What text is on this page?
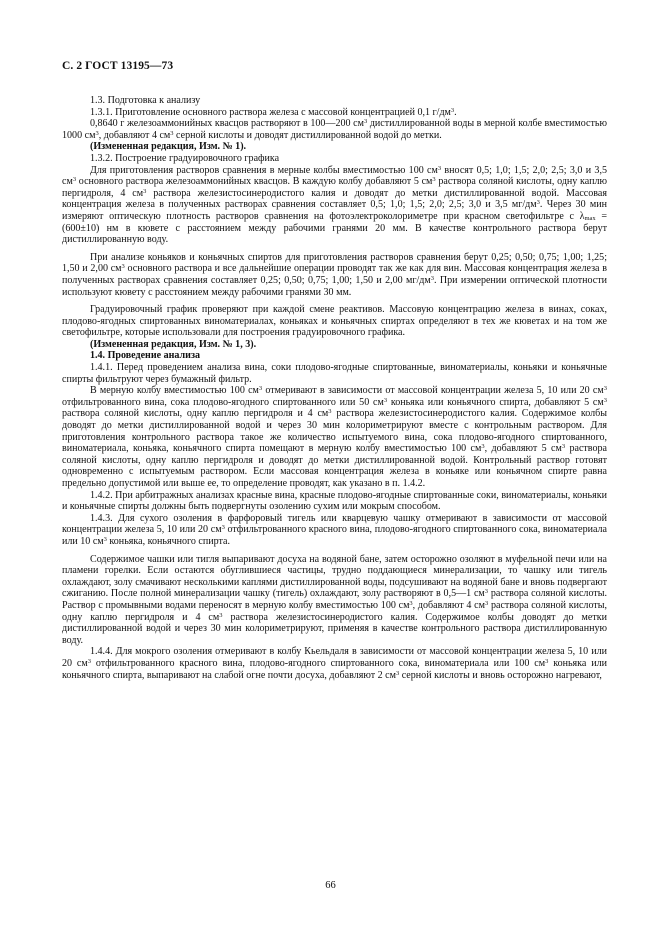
С. 2 ГОСТ 13195—73

1.3. Подготовка к анализу

1.3.1. Приготовление основного раствора железа с массовой концентрацией 0,1 $г/дм^3$.

0,8640 г железоаммонийных квасцов растворяют в 100—200 $см^3$ дистиллированной воды в мерной колбе вместимостью 1000 $см^3$, добавляют 4 $см^3$ серной кислоты и доводят дистиллированной водой до метки.

(Измененная редакция, Изм. № 1).

1.3.2. Построение градуировочного графика

Для приготовления растворов сравнения в мерные колбы вместимостью 100 $см^3$ вносят 0,5; 1,0; 1,5; 2,0; 2,5; 3,0 и 3,5 $см^3$ основного раствора железоаммонийных квасцов. В каждую колбу добавляют 5 $см^3$ раствора соляной кислоты, одну каплю пергидроля, 4 $см^3$ раствора железистосинеродистого калия и доводят до метки дистиллированной водой. Массовая концентрация железа в полученных растворах сравнения составляет 0,5; 1,0; 1,5; 2,0; 2,5; 3,0 и 3,5 $мг/дм^3$. Через 30 мин измеряют оптическую плотность растворов сравнения на фотоэлектроколориметре при красном светофильтре с $\lambda_{max} = (600\pm 10)$ нм в кювете с расстоянием между рабочими гранями 20 мм. В качестве контрольного раствора берут дистиллированную воду.

При анализе коньяков и коньячных спиртов для приготовления растворов сравнения берут 0,25; 0,50; 0,75; 1,00; 1,25; 1,50 и 2,00 $см^3$ основного раствора и все дальнейшие операции проводят так же как для вин. Массовая концентрация железа в полученных растворах сравнения составляет 0,25; 0,50; 0,75; 1,00; 1,50 и 2,00 $мг/дм^3$. При измерении оптической плотности используют кювету с расстоянием между рабочими гранями 30 мм.

Градуировочный график проверяют при каждой смене реактивов. Массовую концентрацию железа в винах, соках, плодово-ягодных спиртованных виноматериалах, коньяках и коньячных спиртах определяют в тех же кюветах и на том же светофильтре, которые использовали для построения градуировочного графика.

(Измененная редакция, Изм. № 1, 3).

1.4. Проведение анализа

1.4.1. Перед проведением анализа вина, соки плодово-ягодные спиртованные, виноматериалы, коньяки и коньячные спирты фильтруют через бумажный фильтр.

В мерную колбу вместимостью 100 $см^3$ отмеривают в зависимости от массовой концентрации железа 5, 10 или 20 $см^3$ отфильтрованного вина, сока плодово-ягодного спиртованного или 50 $см^3$ коньяка или коньячного спирта, добавляют 5 $см^3$ раствора соляной кислоты, одну каплю пергидроля и 4 $см^3$ раствора железистосинеродистого калия. Содержимое колбы доводят до метки дистиллированной водой и через 30 мин колориметрируют вместе с контрольным раствором. Для приготовления контрольного раствора такое же количество испытуемого вина, сока плодово-ягодного спиртованного, виноматериала, коньяка, коньячного спирта помещают в мерную колбу вместимостью 100 $см^3$, добавляют 5 $см^3$ раствора соляной кислоты, одну каплю пергидроля и доводят до метки дистиллированной водой. Контрольный раствор готовят одновременно с испытуемым раствором. Если массовая концентрация железа в коньяке или коньячном спирте равна предельно допустимой или выше ее, то определение проводят, как указано в п. 1.4.2.

1.4.2. При арбитражных анализах красные вина, красные плодово-ягодные спиртованные соки, виноматериалы, коньяки и коньячные спирты должны быть подвергнуты озолению сухим или мокрым способом.

1.4.3. Для сухого озоления в фарфоровый тигель или кварцевую чашку отмеривают в зависимости от массовой концентрации железа 5, 10 или 20 $см^3$ отфильтрованного красного вина, плодово-ягодного спиртованного сока, виноматериала или 10 $см^3$ коньяка, коньячного спирта.

Содержимое чашки или тигля выпаривают досуха на водяной бане, затем осторожно озоляют в муфельной печи или на пламени горелки. Если остаются обуглившиеся частицы, трудно поддающиеся минерализации, то чашку или тигель охлаждают, золу смачивают несколькими каплями дистиллированной воды, подсушивают на водяной бане и вновь подвергают сжиганию. После полной минерализации чашку (тигель) охлаждают, золу растворяют в 0,5—1 $см^3$ раствора соляной кислоты. Раствор с промывными водами переносят в мерную колбу вместимостью 100 $см^3$, добавляют 4 $см^3$ раствора соляной кислоты, одну каплю пергидроля и 4 $см^3$ раствора железистосинеродистого калия. Содержимое колбы доводят до метки дистиллированной водой и через 30 мин колориметрируют, применяя в качестве контрольного раствора дистиллированную воду.

1.4.4. Для мокрого озоления отмеривают в колбу Кьельдаля в зависимости от массовой концентрации железа 5, 10 или 20 $см^3$ отфильтрованного красного вина, плодово-ягодного спиртованного сока, виноматериала или 100 $см^3$ коньяка или коньячного спирта, выпаривают на слабой огне почти досуха, добавляют 2 $см^3$ серной кислоты и вновь осторожно нагревают,

66
